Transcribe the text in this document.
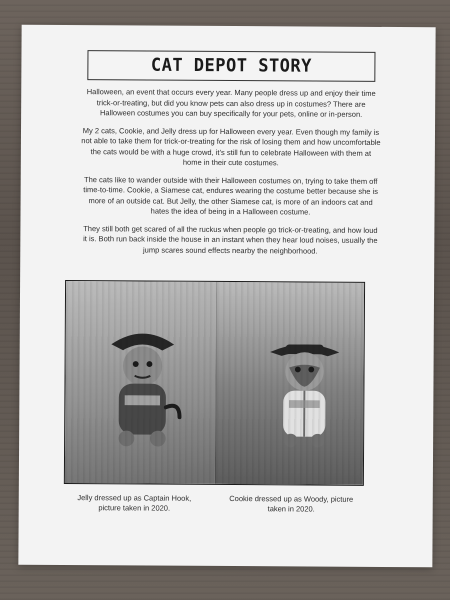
CAT DEPOT STORY

Halloween, an event that occurs every year. Many people dress up and enjoy their time trick-or-treating, but did you know pets can also dress up in costumes? There are Halloween costumes you can buy specifically for your pets, online or in-person.

My 2 cats, Cookie, and Jelly dress up for Halloween every year. Even though my family is not able to take them for trick-or-treating for the risk of losing them and how uncomfortable the cats would be with a huge crowd, it’s still fun to celebrate Halloween with them at home in their cute costumes.

The cats like to wander outside with their Halloween costumes on, trying to take them off time-to-time. Cookie, a Siamese cat, endures wearing the costume better because she is more of an outside cat. But Jelly, the other Siamese cat, is more of an indoors cat and hates the idea of being in a Halloween costume.

They still both get scared of all the ruckus when people go trick-or-treating, and how loud it is. Both run back inside the house in an instant when they hear loud noises, usually the jump scares sound effects nearby the neighborhood.

Jelly dressed up as Captain Hook, picture taken in 2020.

Cookie dressed up as Woody, picture taken in 2020.
